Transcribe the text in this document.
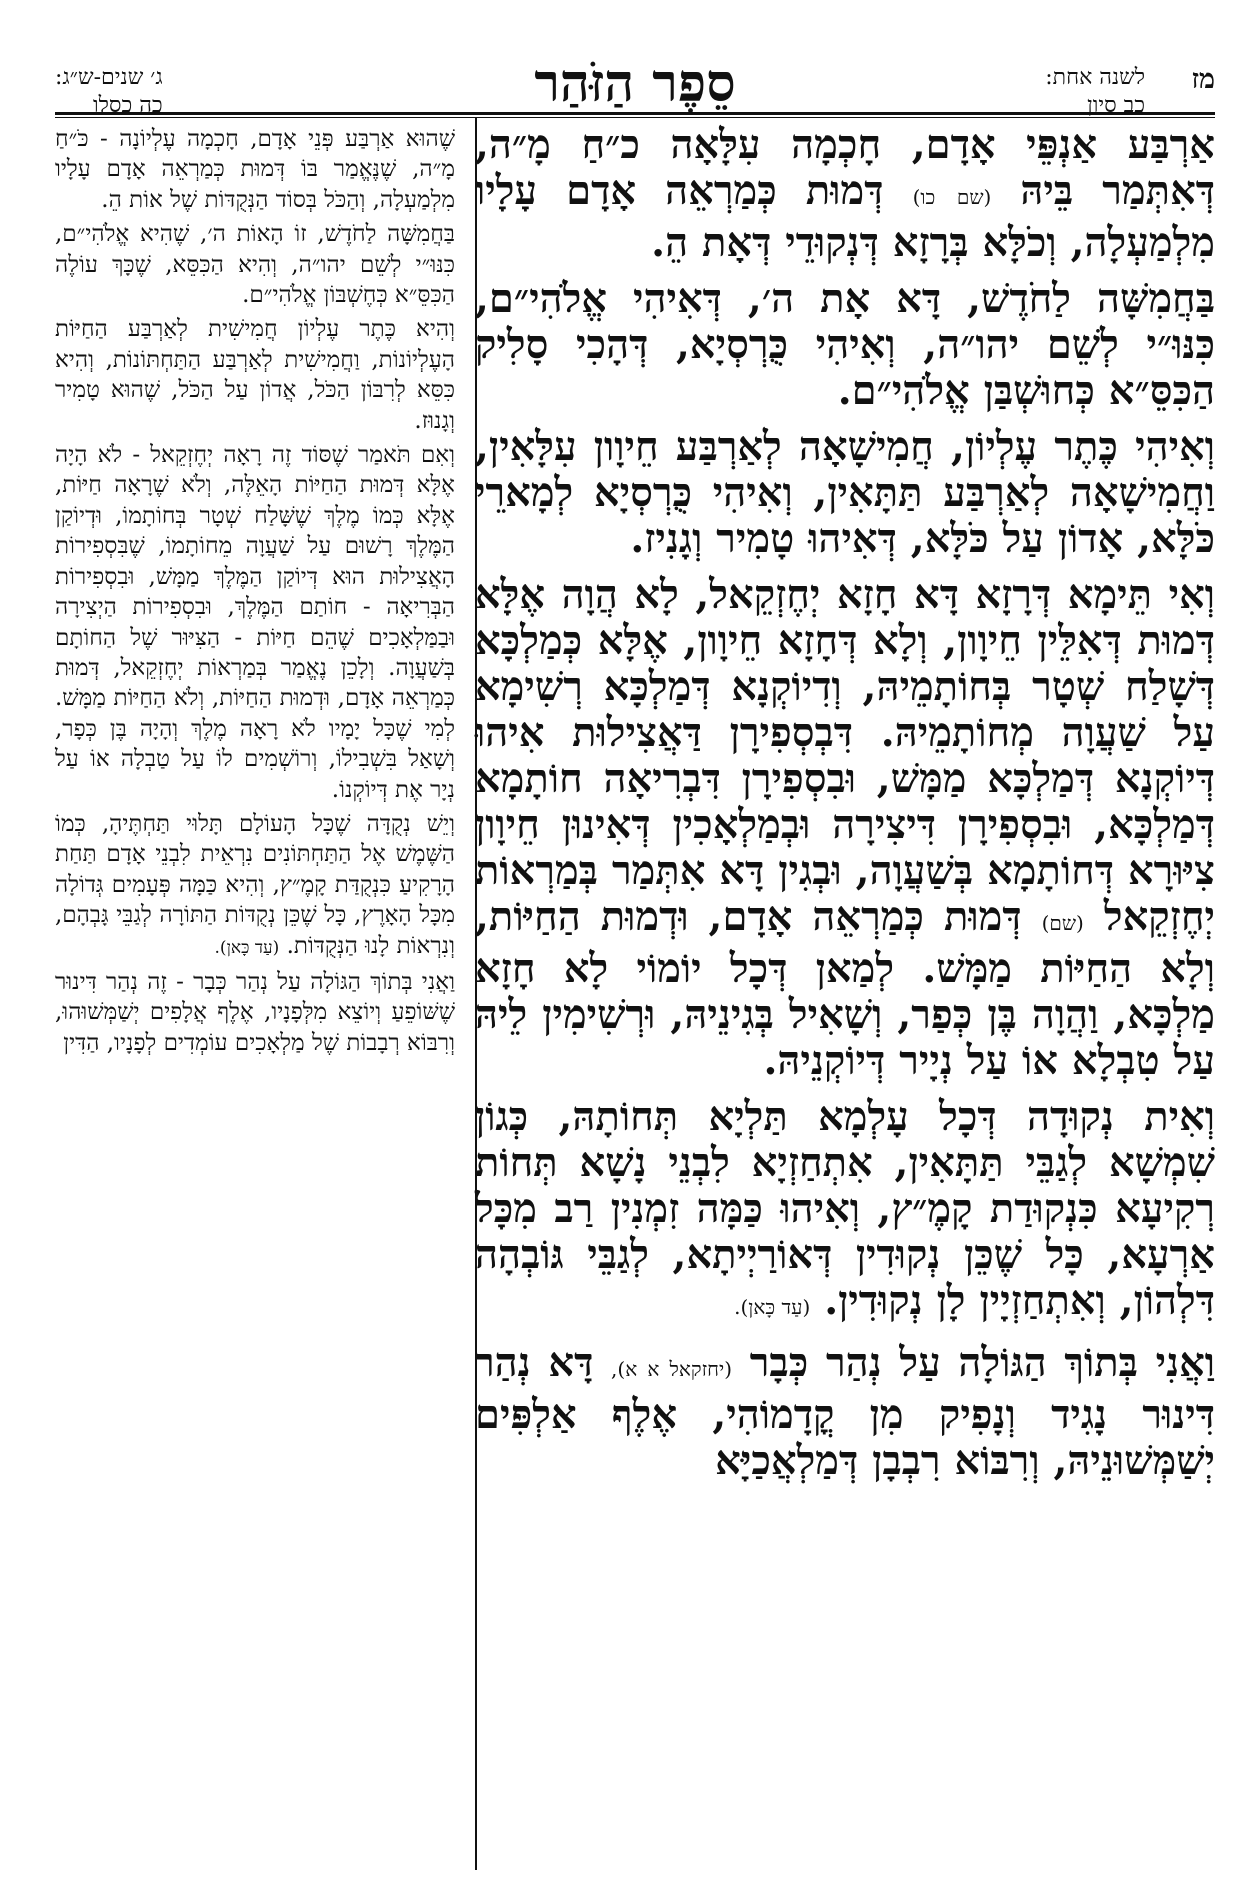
מז
לשנה אחת:
כב סיון
סֵפֶר הַזֹּהַר
ג׳ שנים-ש״ג:
כה כסלו

אַרְבַּע אַנְפֵּי אָדָם, חָכְמָה עִלָּאָה כ״חַ מָ״ה, דְּאִתְּמַר בֵּיהּ (שם כו) דְּמוּת כְּמַרְאֵה אָדָם עָלָיו מִלְמַעְלָה, וְכֹלָּא בְּרָזָא דְּנְקוּדֵי דְּאָת הֵ.

בַּחֲמִשָּׁה לַחֹדֶשׁ, דָּא אָת ה׳, דְּאִיהִי אֱלֹהִי״ם, כִּנּוּ״י לְשֵׁם יהו״ה, וְאִיהִי כֻּרְסְיָא, דְּהָכִי סָלִיק הַכִּסֵּ״א כְּחוּשְׁבַּן אֱלֹהִי״ם.

וְאִיהִי כֶּתֶר עֶלְיוֹן, חֲמִישָׁאָה לְאַרְבַּע חֵיוָון עִלָּאִין, וַחֲמִישָׁאָה לְאַרְבַּע תַּתָּאִין, וְאִיהִי כֻּרְסְיָא לְמָארֵי כֹּלָּא, אָדוֹן עַל כֹּלָּא, דְּאִיהוּ טָמִיר וְגָנִיז.

וְאִי תֵּימָא דְּרָזָא דָּא חָזָא יְחֶזְקֵאל, לָא הֲוָה אֶלָּא דְּמוּת דְּאִלֵּין חֵיוָון, וְלָא דְּחָזָא חֵיוָון, אֶלָּא כְּמַלְכָּא דְּשָׁלַח שְׁטָר בְּחוֹתָמֵיהּ, וְדִיוֹקְנָא דְּמַלְכָּא רְשִׁימָא עַל שַׁעֲוָה מְחוֹתָמֵיהּ. דִּבְסְפִירָן דַּאֲצִילוּת אִיהוּ דְּיוֹקְנָא דְּמַלְכָּא מַמָּשׁ, וּבִסְפִירָן דִּבְרִיאָה חוֹתָמָא דְּמַלְכָּא, וּבִסְפִירָן דִּיצִירָה וּבְמַלְאָכִין דְּאִינוּן חֵיוָון צִיּוּרָא דְּחוֹתָמָא בְּשַׁעֲוָה, וּבְגִין דָּא אִתְּמַר בְּמַרְאוֹת יְחֶזְקֵאל (שם) דְּמוּת כְּמַרְאֵה אָדָם, וּדְמוּת הַחַיּוֹת, וְלָא הַחַיּוֹת מַמָּשׁ. לְמַאן דְּכָל יוֹמוֹי לָא חָזָא מַלְכָּא, וַהֲוָה בֶּן כְּפַר, וְשָׁאִיל בְּגִינֵיהּ, וּרְשִׁימִין לֵיהּ עַל טִבְלָא אוֹ עַל נְיָיר דְּיוֹקְנֵיהּ.

וְאִית נְקוּדָה דְּכָל עָלְמָא תַּלְיָא תְּחוֹתָהּ, כְּגוֹן שִׁמְשָׁא לְגַבֵּי תַּתָּאִין, אִתְחַזְיָא לִבְנֵי נָשָׁא תְּחוֹת רְקִיעָא כִּנְקוּדַת קָמֶ״ץ, וְאִיהוּ כַּמָּה זִמְנִין רַב מִכָּל אַרְעָא, כָּל שֶׁכֵּן נְקוּדִין דְּאוֹרַיְיתָא, לְגַבֵּי גּוֹבְהָה דִּלְהוֹן, וְאִתְחַזְיָין לָן נְקוּדִין. (עַד כָּאן).

וַאֲנִי בְּתוֹךְ הַגּוֹלָה עַל נְהַר כְּבָר (יחזקאל א א), דָּא נְהַר דִּינוּר נָגִיד וְנָפִיק מִן קֳדָמוֹהִי, אֶלֶף אַלְפִּים יְשַׁמְּשׁוּנֵיהּ, וְרִבּוֹא רִבְבָן דְּמַלְאֲכַיָּא

שֶׁהוּא אַרְבַּע פְּנֵי אָדָם, חָכְמָה עֶלְיוֹנָה - כֹּ״חַ מָ״ה, שֶׁנֶּאֱמַר בּוֹ דְּמוּת כְּמַרְאֵה אָדָם עָלָיו מִלְמַעְלָה, וְהַכֹּל בְּסוֹד הַנְּקֻדּוֹת שֶׁל אוֹת הֵ.

בַּחֲמִשָּׁה לַחֹדֶשׁ, זוֹ הָאוֹת ה׳, שֶׁהִיא אֱלֹהִי״ם, כִּנּוּ״י לְשֵׁם יהו״ה, וְהִיא הַכִּסֵּא, שֶׁכָּךְ עוֹלֶה הַכִּסֵּ״א כְּחֶשְׁבּוֹן אֱלֹהִי״ם.

וְהִיא כֶּתֶר עֶלְיוֹן חֲמִישִׁית לְאַרְבַּע הַחַיּוֹת הָעֶלְיוֹנוֹת, וַחֲמִישִׁית לְאַרְבַּע הַתַּחְתּוֹנוֹת, וְהִיא כִּסֵּא לְרִבּוֹן הַכֹּל, אֲדוֹן עַל הַכֹּל, שֶׁהוּא טָמִיר וְגָנוּז.

וְאִם תֹּאמַר שֶׁסּוֹד זֶה רָאָה יְחֶזְקֵאל - לֹא הָיָה אֶלָּא דְּמוּת הַחַיּוֹת הָאֵלֶּה, וְלֹא שֶׁרָאָה חַיּוֹת, אֶלָּא כְּמוֹ מֶלֶךְ שֶׁשָּׁלַח שְׁטָר בְּחוֹתָמוֹ, וּדְיוֹקַן הַמֶּלֶךְ רָשׁוּם עַל שַׁעֲוָה מֵחוֹתָמוֹ, שֶׁבִּסְפִירוֹת הָאֲצִילוּת הוּא דְּיוֹקַן הַמֶּלֶךְ מַמָּשׁ, וּבִסְפִירוֹת הַבְּרִיאָה - חוֹתַם הַמֶּלֶךְ, וּבִסְפִירוֹת הַיְצִירָה וּבַמַּלְאָכִים שֶׁהֵם חַיּוֹת - הַצִּיּוּר שֶׁל הַחוֹתָם בְּשַׁעֲוָה. וְלָכֵן נֶאֱמַר בְּמַרְאוֹת יְחֶזְקֵאל, דְּמוּת כְּמַרְאֵה אָדָם, וּדְמוּת הַחַיּוֹת, וְלֹא הַחַיּוֹת מַמָּשׁ. לְמִי שֶׁכָּל יָמָיו לֹא רָאָה מֶלֶךְ וְהָיָה בֶּן כְּפָר, וְשָׁאַל בִּשְׁבִילוֹ, וְרוֹשְׁמִים לוֹ עַל טַבְלָה אוֹ עַל נְיָר אֶת דְּיוֹקְנוֹ.

וְיֵשׁ נְקֻדָּה שֶׁכָּל הָעוֹלָם תָּלוּי תַּחְתֶּיהָ, כְּמוֹ הַשֶּׁמֶשׁ אֶל הַתַּחְתּוֹנִים נִרְאֵית לִבְנֵי אָדָם תַּחַת הָרָקִיעַ כִּנְקֻדַּת קָמֶ״ץ, וְהִיא כַּמָּה פְּעָמִים גְּדוֹלָה מִכָּל הָאָרֶץ, כָּל שֶׁכֵּן נְקֻדּוֹת הַתּוֹרָה לְגַבֵּי גָּבְהָם, וְנִרְאוֹת לָנוּ הַנְּקֻדּוֹת. (עַד כָּאן).

וַאֲנִי בְּתוֹךְ הַגּוֹלָה עַל נְהַר כְּבָר - זֶה נְהַר דִּינוּר שֶׁשּׁוֹפֵעַ וְיוֹצֵא מִלְּפָנָיו, אֶלֶף אֲלָפִים יְשַׁמְּשׁוּהוּ, וְרִבּוֹא רְבָבוֹת שֶׁל מַלְאָכִים עוֹמְדִים לְפָנָיו, הַדִּין
